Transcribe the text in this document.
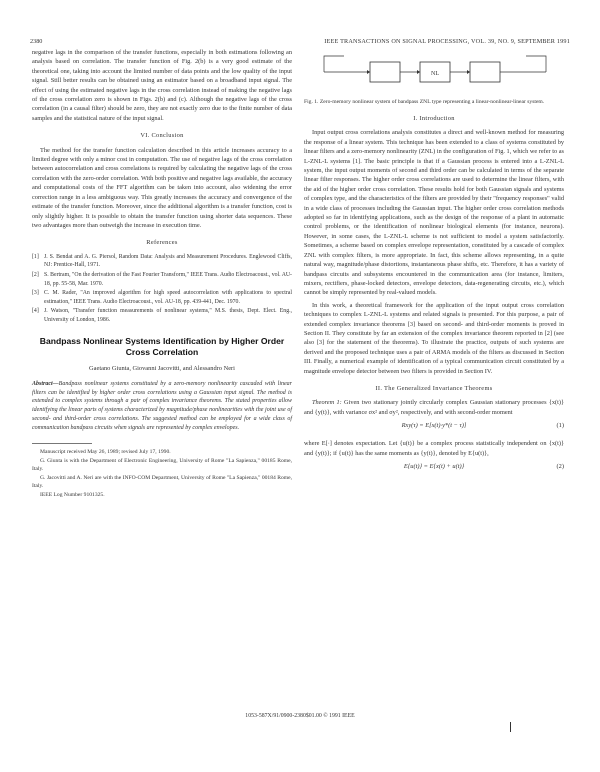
2380	IEEE TRANSACTIONS ON SIGNAL PROCESSING, VOL. 39, NO. 9, SEPTEMBER 1991

negative lags in the comparison of the transfer functions, especially in both estimations following an analysis based on correlation. The transfer function of Fig. 2(b) is a very good estimate of the theoretical one, taking into account the limited number of data points and the low quality of the input signal. Still better results can be obtained using an estimator based on a broadband input signal. The effect of using the estimated negative lags in the cross correlation instead of making the negative lags of the cross correlation zero is shown in Figs. 2(b) and (c). Although the negative lags of the cross correlation (in a causal filter) should be zero, they are not exactly zero due to the finite number of data samples and the statistical nature of the input signal.

VI. Conclusion

The method for the transfer function calculation described in this article increases accuracy to a limited degree with only a minor cost in computation. The use of negative lags of the cross correlation between autocorrelation and cross correlations is required by calculating the negative lags of the cross correlation with the zero-order correlation. With both positive and negative lags available, the accuracy and computational costs of the FFT algorithm can be taken into account, also widening the error correction range in a less ambiguous way. This greatly increases the accuracy and convergence of the estimate of the transfer function. Moreover, since the additional algorithm is a transfer function, cost is only slightly higher. It is possible to obtain the transfer function using shorter data sequences. These two advantages more than outweigh the increase in execution time.

References

[1] J. S. Bendat and A. G. Piersol, Random Data: Analysis and Measurement Procedures. Englewood Cliffs, NJ: Prentice-Hall, 1971.

[2] S. Bertram, "On the derivation of the Fast Fourier Transform," IEEE Trans. Audio Electroacoust., vol. AU-18, pp. 55-58, Mar. 1970.

[3] C. M. Rader, "An improved algorithm for high speed autocorrelation with applications to spectral estimation," IEEE Trans. Audio Electroacoust., vol. AU-18, pp. 439-441, Dec. 1970.

[4] J. Watson, "Transfer function measurements of nonlinear systems," M.S. thesis, Dept. Elect. Eng., University of London, 1986.

Bandpass Nonlinear Systems Identification by Higher Order Cross Correlation
Gaetano Giunta, Giovanni Jacovitti, and Alessandro Neri

Abstract—Bandpass nonlinear systems constituted by a zero-memory nonlinearity cascaded with linear filters can be identified by higher order cross correlations using a Gaussian input signal. The method is extended to complex systems through a pair of complex invariance theorems. The stated properties allow identifying the linear parts of systems characterized by magnitude/phase nonlinearities with the joint use of second- and third-order cross correlations. The suggested method can be employed for a wide class of communication bandpass circuits when signals are represented by complex envelopes.

Manuscript received May 26, 1989; revised July 17, 1990.

G. Giunta is with the Department of Electronic Engineering, University of Rome "La Sapienza," 00185 Rome, Italy.

G. Jacovitti and A. Neri are with the INFO-COM Department, University of Rome "La Sapienza," 00184 Rome, Italy.

IEEE Log Number 9101325.

NL

Fig. 1. Zero-memory nonlinear system of bandpass ZNL type representing a linear-nonlinear-linear system.

I. Introduction

Input output cross correlations analysis constitutes a direct and well-known method for measuring the response of a linear system. This technique has been extended to a class of systems constituted by linear filters and a zero-memory nonlinearity (ZNL) in the configuration of Fig. 1, which we refer to as L-ZNL-L systems [1]. The basic principle is that if a Gaussian process is entered into a L-ZNL-L system, the input output moments of second and third order can be calculated in terms of the separate linear filter responses. The higher order cross correlations are used to determine the linear filters, with the aid of the higher order cross correlation. These results hold for both Gaussian signals and systems of complex type, and the characteristics of the filters are provided by their "frequency responses" valid in a wide class of processes including the Gaussian input. The higher order cross correlation methods adopted so far in identifying applications, such as the design of the response of a plant in automatic control problems, or the identification of nonlinear biological elements (for instance, neurons). However, in some cases, the L-ZNL-L scheme is not sufficient to model a system satisfactorily. Sometimes, a scheme based on complex envelope representation, constituted by a cascade of complex ZNL with complex filters, is more appropriate. In fact, this scheme allows representing, in a quite natural way, magnitude/phase distortions, instantaneous phase shifts, etc. Therefore, it has a variety of bandpass circuits and subsystems encountered in the communication area (for instance, limiters, mixers, rectifiers, phase-locked detectors, envelope detectors, data-regenerating circuits, etc.), which cannot be simply represented by real-valued models.

In this work, a theoretical framework for the application of the input output cross correlation techniques to complex L-ZNL-L systems and related signals is presented. For this purpose, a pair of extended complex invariance theorems [3] based on second- and third-order moments is proved in Section II. They constitute by far an extension of the complex invariance theorem reported in [2] (see also [3] for the statement of the theorems). To illustrate the practice, outputs of such systems are derived and the proposed technique uses a pair of ARMA models of the filters as discussed in Section III. Finally, a numerical example of identification of a typical communication circuit constituted by a magnitude envelope detector between two filters is provided in Section IV.

II. The Generalized Invariance Theorems

Theorem 1: Given two stationary jointly circularly complex Gaussian stationary processes {x(t)} and {y(t)}, with variance σx² and σy², respectively, and with second-order moment

Rxy(τ) = E[x(t)·y*(t − τ)]	(1)

where E[·] denotes expectation. Let {u(t)} be a complex process statistically independent on {x(t)} and {y(t)}; if {u(t)} has the same moments as {y(t)}, denoted by E{u(t)},

E{u(t)} = E{x(t) + u(t)}	(2)
1053-587X/91/0900-2380$01.00 © 1991 IEEE
